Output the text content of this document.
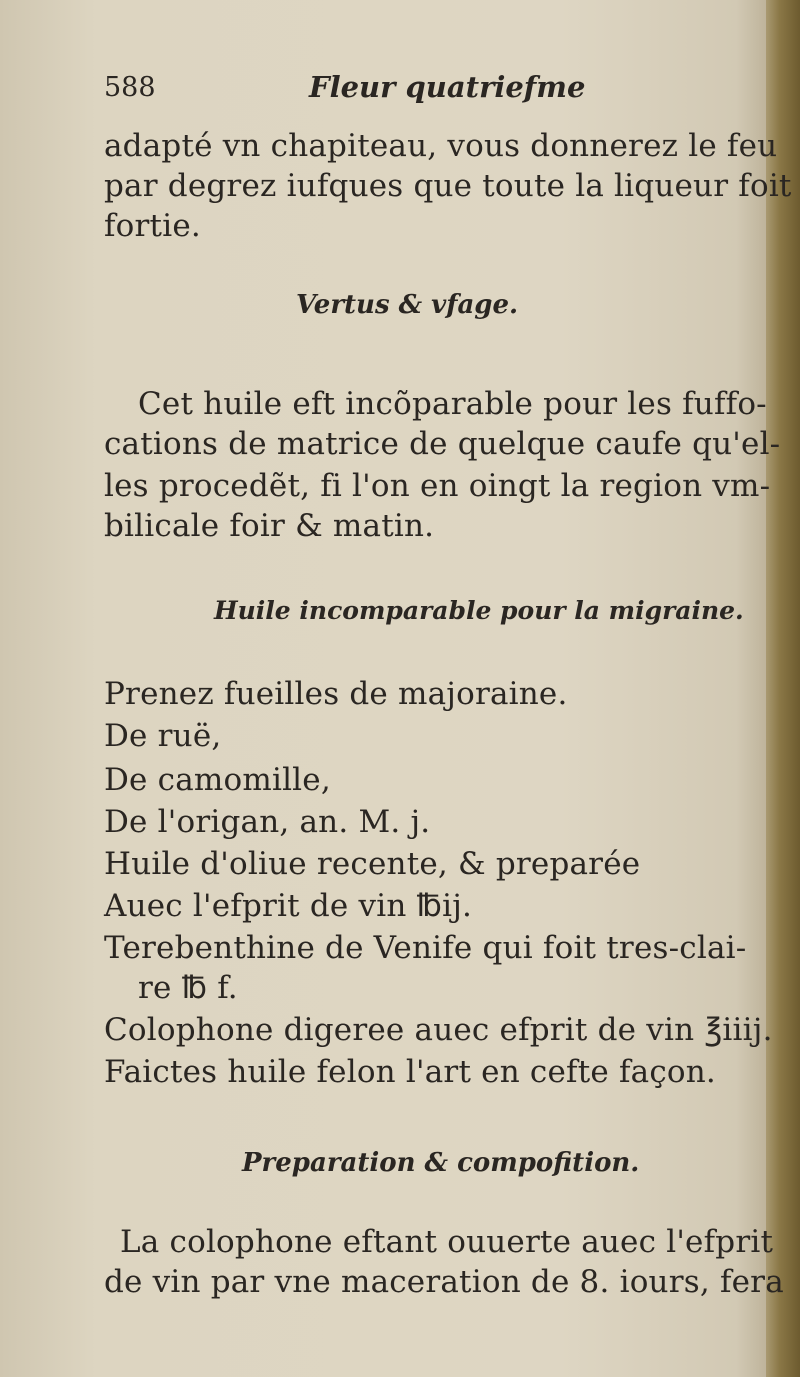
588	Fleur quatriefme
adapté vn chapiteau, vous donnerez le feu
par degrez iufques que toute la liqueur foit
fortie.
Vertus & vfage.
Cet huile eft incõparable pour les fuffo-
cations de matrice de quelque caufe qu'el-
les procedẽt, fi l'on en oingt la region vm-
bilicale foir & matin.
Huile incomparable pour la migraine.
Prenez fueilles de majoraine.
De ruë,
De camomille,
De l'origan, an. M. j.
Huile d'oliue recente, & preparée
Auec l'efprit de vin ℔ij.
Terebenthine de Venife qui foit tres-clai-
re ℔ f.
Colophone digeree auec efprit de vin ℥iiij.
Faictes huile felon l'art en cefte façon.
Preparation & compofition.
La colophone eftant ouuerte auec l'efprit
de vin par vne maceration de 8. iours, fera
